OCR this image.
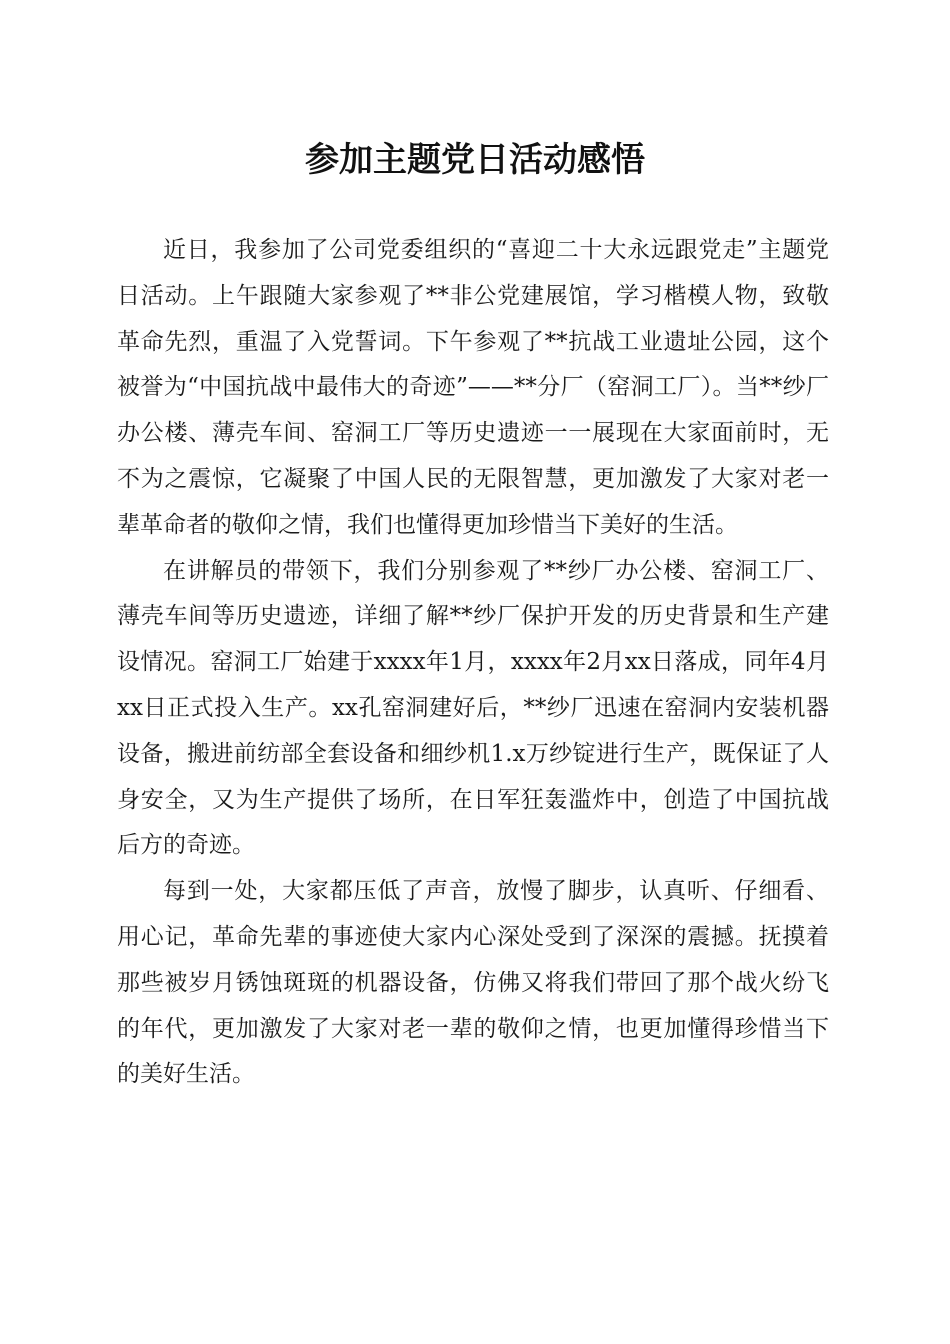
参加主题党日活动感悟

近日，我参加了公司党委组织的“喜迎二十大永远跟党走”主题党日活动。上午跟随大家参观了**非公党建展馆，学习楷模人物，致敬革命先烈，重温了入党誓词。下午参观了**抗战工业遗址公园，这个被誉为“中国抗战中最伟大的奇迹”——**分厂（窑洞工厂）。当**纱厂办公楼、薄壳车间、窑洞工厂等历史遗迹一一展现在大家面前时，无不为之震惊，它凝聚了中国人民的无限智慧，更加激发了大家对老一辈革命者的敬仰之情，我们也懂得更加珍惜当下美好的生活。

在讲解员的带领下，我们分别参观了**纱厂办公楼、窑洞工厂、薄壳车间等历史遗迹，详细了解**纱厂保护开发的历史背景和生产建设情况。窑洞工厂始建于xxxx年1月，xxxx年2月xx日落成，同年4月xx日正式投入生产。xx孔窑洞建好后，**纱厂迅速在窑洞内安装机器设备，搬进前纺部全套设备和细纱机1.x万纱锭进行生产，既保证了人身安全，又为生产提供了场所，在日军狂轰滥炸中，创造了中国抗战后方的奇迹。

每到一处，大家都压低了声音，放慢了脚步，认真听、仔细看、用心记，革命先辈的事迹使大家内心深处受到了深深的震撼。抚摸着那些被岁月锈蚀斑斑的机器设备，仿佛又将我们带回了那个战火纷飞的年代，更加激发了大家对老一辈的敬仰之情，也更加懂得珍惜当下的美好生活。
